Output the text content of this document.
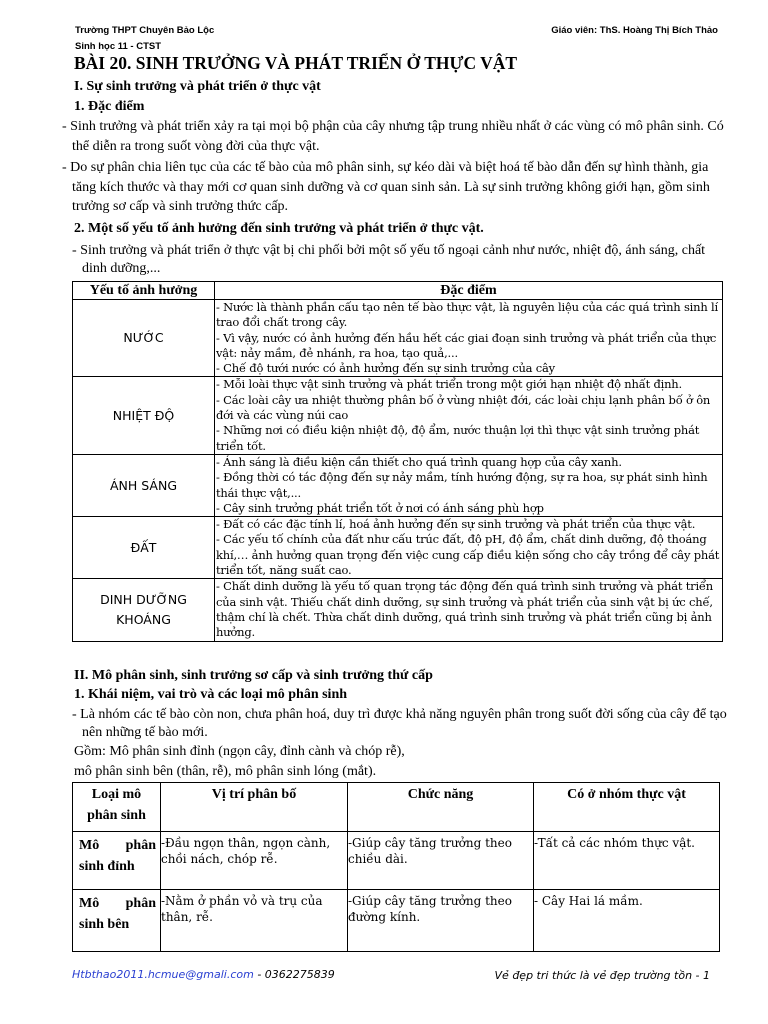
Trường THPT Chuyên Bảo Lộc
Sinh học 11 - CTST
Giáo viên: ThS. Hoàng Thị Bích Thảo
BÀI 20. SINH TRƯỞNG VÀ PHÁT TRIỂN Ở THỰC VẬT
I. Sự sinh trưởng và phát triển ở thực vật
1. Đặc điểm
- Sinh trưởng và phát triển xảy ra tại mọi bộ phận của cây nhưng tập trung nhiều nhất ở các vùng có mô phân sinh. Có thể diễn ra trong suốt vòng đời của thực vật.
- Do sự phân chia liên tục của các tế bào của mô phân sinh, sự kéo dài và biệt hoá tế bào dẫn đến sự hình thành, gia tăng kích thước và thay mới cơ quan sinh dưỡng và cơ quan sinh sản. Là sự sinh trưởng không giới hạn, gồm sinh trưởng sơ cấp và sinh trưởng thức cấp.
2. Một số yếu tố ảnh hưởng đến sinh trưởng và phát triển ở thực vật.
- Sinh trưởng và phát triển ở thực vật bị chi phối bởi một số yếu tố ngoại cảnh như nước, nhiệt độ, ánh sáng, chất dinh dưỡng,...
Yếu tố ảnh hưởng	Đặc điểm
NƯỚC	- Nước là thành phần cấu tạo nên tế bào thực vật, là nguyên liệu của các quá trình sinh lí trao đổi chất trong cây.
- Vì vậy, nước có ảnh hưởng đến hầu hết các giai đoạn sinh trưởng và phát triển của thực vật: nảy mầm, đẻ nhánh, ra hoa, tạo quả,...
- Chế độ tưới nước có ảnh hưởng đến sự sinh trưởng của cây

NHIỆT ĐỘ	- Mỗi loài thực vật sinh trưởng và phát triển trong một giới hạn nhiệt độ nhất định.
- Các loài cây ưa nhiệt thường phân bố ở vùng nhiệt đới, các loài chịu lạnh phân bố ở ôn đới và các vùng núi cao
- Những nơi có điều kiện nhiệt độ, độ ẩm, nước thuận lợi thì thực vật sinh trưởng phát triển tốt.

ÁNH SÁNG	- Ánh sáng là điều kiện cần thiết cho quá trình quang hợp của cây xanh.
- Đồng thời có tác động đến sự nảy mầm, tính hướng động, sự ra hoa, sự phát sinh hình thái thực vật,...
- Cây sinh trưởng phát triển tốt ở nơi có ánh sáng phù hợp

ĐẤT	- Đất có các đặc tính lí, hoá ảnh hưởng đến sự sinh trưởng và phát triển của thực vật.
- Các yếu tố chính của đất như cấu trúc đất, độ pH, độ ẩm, chất dinh dưỡng, độ thoáng khí,… ảnh hưởng quan trọng đến việc cung cấp điều kiện sống cho cây trồng để cây phát triển tốt, năng suất cao.

DINH DƯỠNG KHOÁNG	- Chất dinh dưỡng là yếu tố quan trọng tác động đến quá trình sinh trưởng và phát triển của sinh vật. Thiếu chất dinh dưỡng, sự sinh trưởng và phát triển của sinh vật bị ức chế, thậm chí là chết. Thừa chất dinh dưỡng, quá trình sinh trưởng và phát triển cũng bị ảnh hưởng.
II. Mô phân sinh, sinh trưởng sơ cấp và sinh trưởng thứ cấp
1. Khái niệm, vai trò và các loại mô phân sinh
- Là nhóm các tế bào còn non, chưa phân hoá, duy trì được khả năng nguyên phân trong suốt đời sống của cây để tạo nên những tế bào mới.
Gồm: Mô phân sinh đỉnh (ngọn cây, đỉnh cành và chóp rễ), mô phân sinh bên (thân, rễ), mô phân sinh lóng (mắt).
Loại mô phân sinh	Vị trí phân bố	Chức năng	Có ở nhóm thực vật

Mô phân
sinh đỉnh	-Đầu ngọn thân, ngọn cành, chồi nách, chóp rễ.	-Giúp cây tăng trưởng theo chiều dài.	-Tất cả các nhóm thực vật.

Mô phân
sinh bên	-Nằm ở phần vỏ và trụ của thân, rễ.	-Giúp cây tăng trưởng theo đường kính.	- Cây Hai lá mầm.
Htbthao2011.hcmue@gmali.com - 0362275839	Vẻ đẹp tri thức là vẻ đẹp trường tồn - 1
